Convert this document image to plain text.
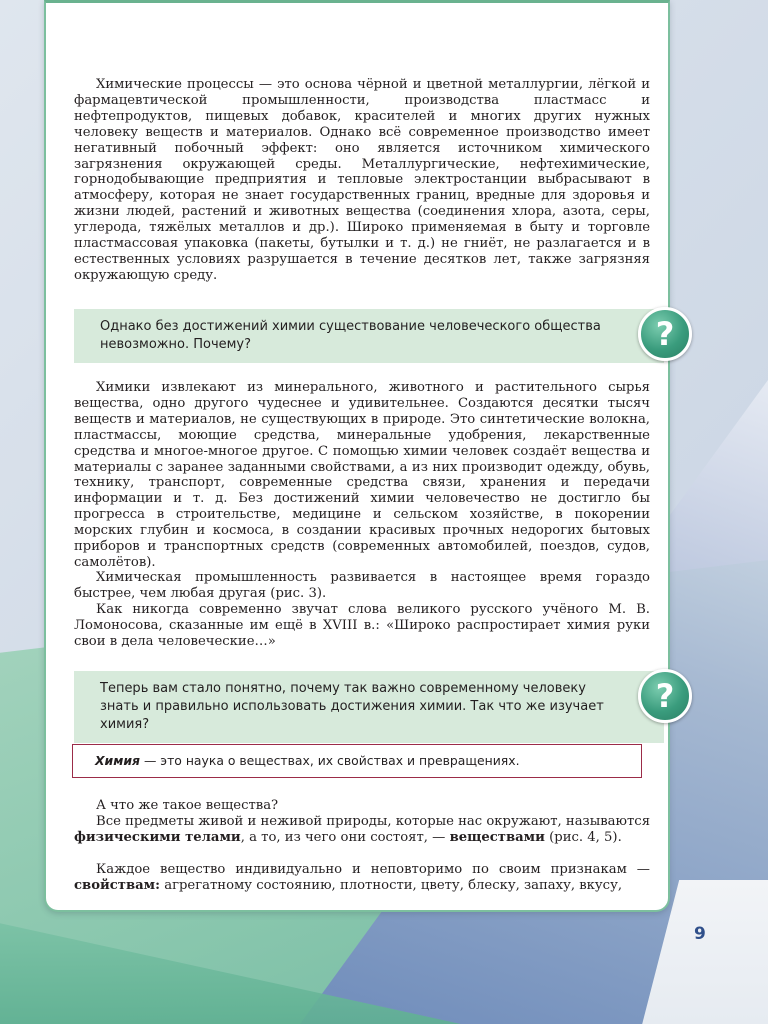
Химические процессы — это основа чёрной и цветной металлургии, лёгкой и фармацевтической промышленности, производства пластмасс и нефтепродуктов, пищевых добавок, красителей и многих других нужных человеку веществ и материалов. Однако всё современное производство имеет негативный побочный эффект: оно является источником химического загрязнения окружающей среды. Металлургические, нефтехимические, горнодобывающие предприятия и тепловые электростанции выбрасывают в атмосферу, которая не знает государственных границ, вредные для здоровья и жизни людей, растений и животных вещества (соединения хлора, азота, серы, углерода, тяжёлых металлов и др.). Широко применяемая в быту и торговле пластмассовая упаковка (пакеты, бутылки и т. д.) не гниёт, не разлагается и в естественных условиях разрушается в течение десятков лет, также загрязняя окружающую среду.

Однако без достижений химии существование человеческого общества невозможно. Почему?	?

Химики извлекают из минерального, животного и растительного сырья вещества, одно другого чудеснее и удивительнее. Создаются десятки тысяч веществ и материалов, не существующих в природе. Это синтетические волокна, пластмассы, моющие средства, минеральные удобрения, лекарственные средства и многое-многое другое. С помощью химии человек создаёт вещества и материалы с заранее заданными свойствами, а из них производит одежду, обувь, технику, транспорт, современные средства связи, хранения и передачи информации и т. д. Без достижений химии человечество не достигло бы прогресса в строительстве, медицине и сельском хозяйстве, в покорении морских глубин и космоса, в создании красивых прочных недорогих бытовых приборов и транспортных средств (современных автомобилей, поездов, судов, самолётов).

Химическая промышленность развивается в настоящее время гораздо быстрее, чем любая другая (рис. 3).

Как никогда современно звучат слова великого русского учёного М. В. Ломоносова, сказанные им ещё в XVIII в.: «Широко распростирает химия руки свои в дела человеческие…»

Теперь вам стало понятно, почему так важно современному человеку знать и правильно использовать достижения химии. Так что же изучает химия?
?
Химия — это наука о веществах, их свойствах и превращениях.

А что же такое вещества?

Все предметы живой и неживой природы, которые нас окружают, называются физическими телами, а то, из чего они состоят, — веществами (рис. 4, 5).

Каждое вещество индивидуально и неповторимо по своим признакам — свойствам: агрегатному состоянию, плотности, цвету, блеску, запаху, вкусу,

9
